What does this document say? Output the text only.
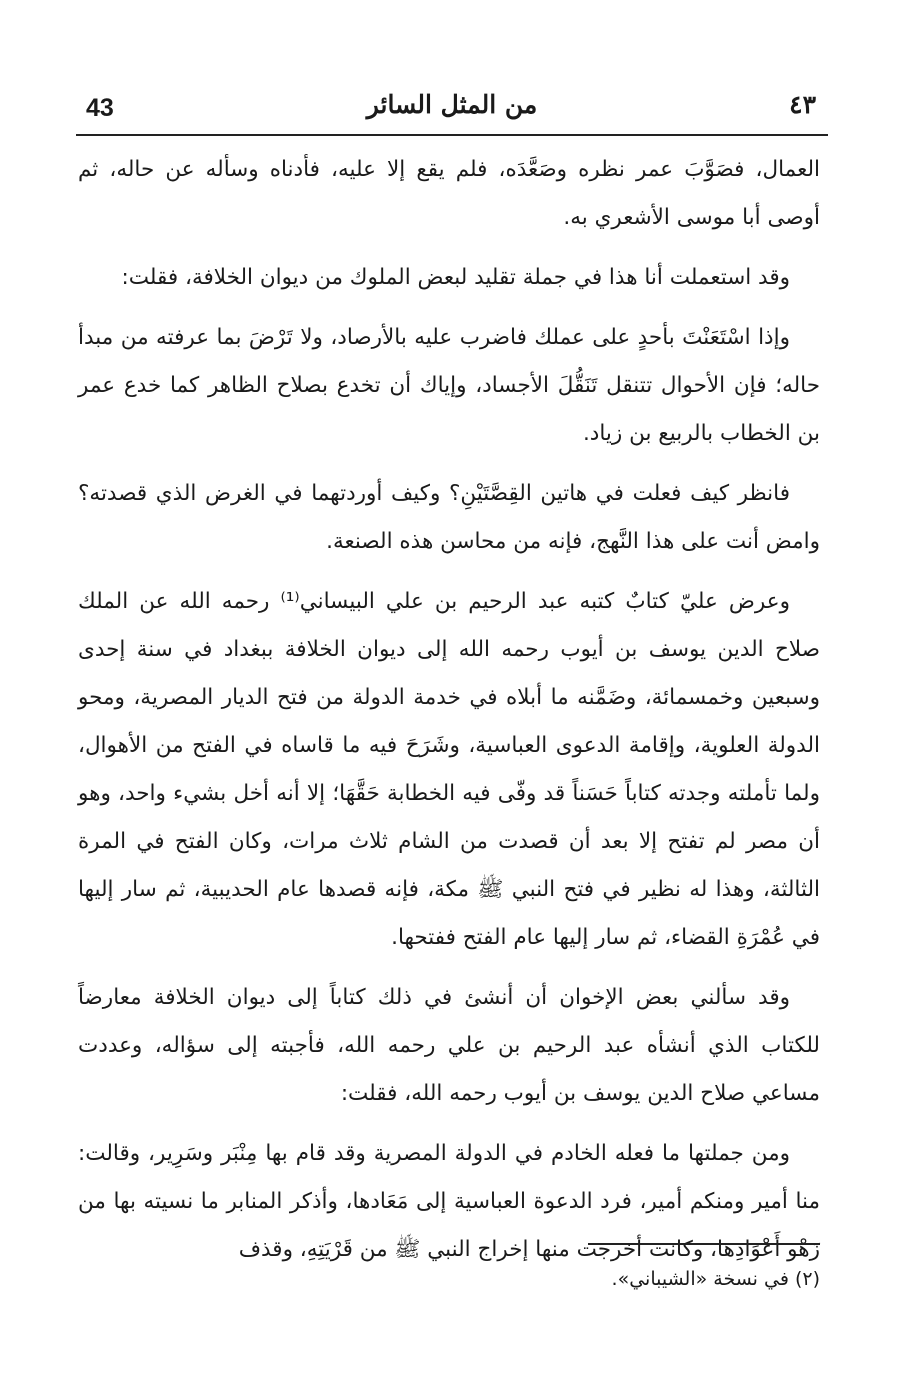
43	من المثل السائر	٤٣

العمال، فصَوَّبَ عمر نظره وصَعَّدَه، فلم يقع إلا عليه، فأدناه وسأله عن حاله، ثم أوصى أبا موسى الأشعري به.

وقد استعملت أنا هذا في جملة تقليد لبعض الملوك من ديوان الخلافة، فقلت:

وإذا اسْتَعَنْتَ بأحدٍ على عملك فاضرب عليه بالأرصاد، ولا تَرْضَ بما عرفته من مبدأ حاله؛ فإن الأحوال تتنقل تَنَقُّلَ الأجساد، وإياك أن تخدع بصلاح الظاهر كما خدع عمر بن الخطاب بالربيع بن زياد.

فانظر كيف فعلت في هاتين القِصَّتَيْنِ؟ وكيف أوردتهما في الغرض الذي قصدته؟ وامض أنت على هذا النَّهج، فإنه من محاسن هذه الصنعة.

وعرض عليّ كتابٌ كتبه عبد الرحيم بن علي البيساني⁽¹⁾ رحمه الله عن الملك صلاح الدين يوسف بن أيوب رحمه الله إلى ديوان الخلافة ببغداد في سنة إحدى وسبعين وخمسمائة، وضَمَّنه ما أبلاه في خدمة الدولة من فتح الديار المصرية، ومحو الدولة العلوية، وإقامة الدعوى العباسية، وشَرَحَ فيه ما قاساه في الفتح من الأهوال، ولما تأملته وجدته كتاباً حَسَناً قد وفّى فيه الخطابة حَقَّهَا؛ إلا أنه أخل بشيء واحد، وهو أن مصر لم تفتح إلا بعد أن قصدت من الشام ثلاث مرات، وكان الفتح في المرة الثالثة، وهذا له نظير في فتح النبي ﷺ مكة، فإنه قصدها عام الحديبية، ثم سار إليها في عُمْرَةِ القضاء، ثم سار إليها عام الفتح ففتحها.

وقد سألني بعض الإخوان أن أنشئ في ذلك كتاباً إلى ديوان الخلافة معارضاً للكتاب الذي أنشأه عبد الرحيم بن علي رحمه الله، فأجبته إلى سؤاله، وعددت مساعي صلاح الدين يوسف بن أيوب رحمه الله، فقلت:

ومن جملتها ما فعله الخادم في الدولة المصرية وقد قام بها مِنْبَر وسَرِير، وقالت: منا أمير ومنكم أمير، فرد الدعوة العباسية إلى مَعَادها، وأذكر المنابر ما نسيته بها من زَهْو أَعْوَادِها، وكانت أخرجت منها إخراج النبي ﷺ من قَرْيَتِهِ، وقذف

(٢) في نسخة «الشيباني».
